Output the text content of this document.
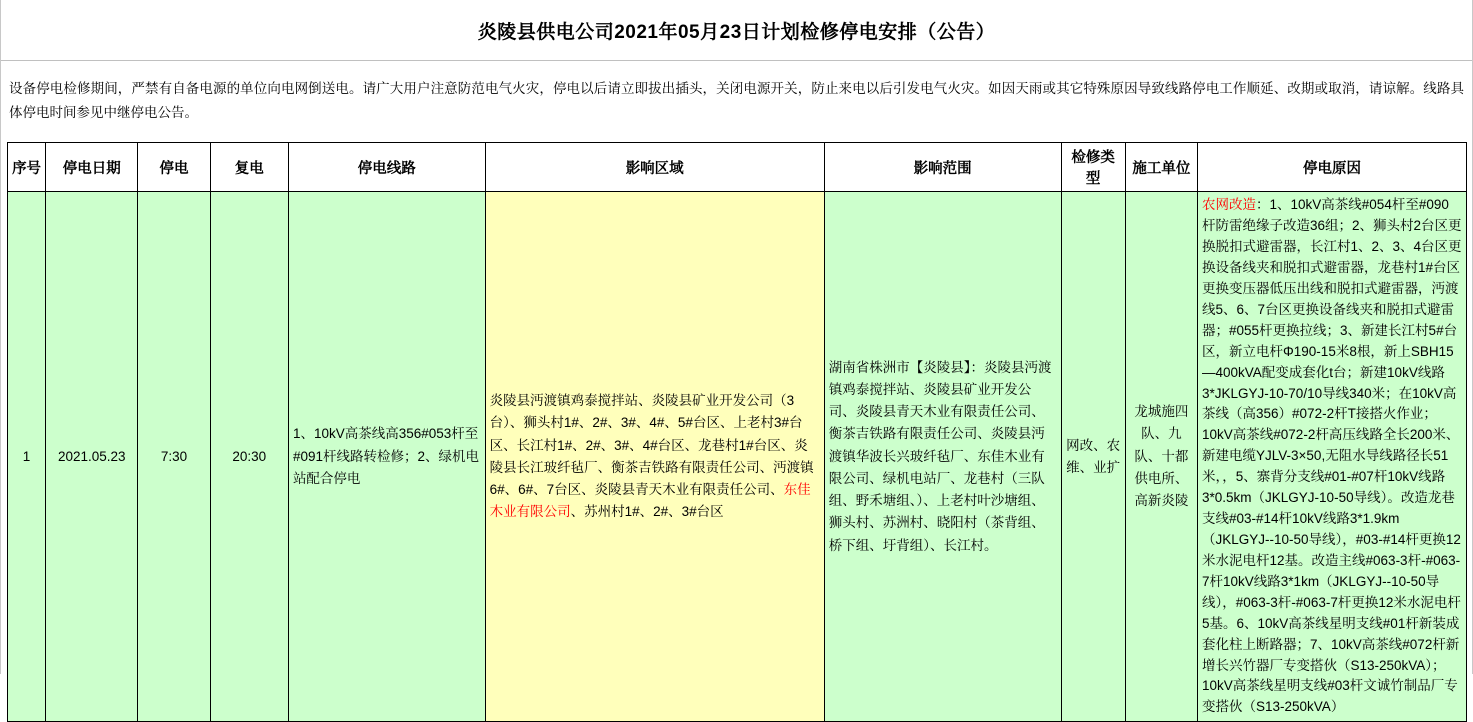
炎陵县供电公司2021年05月23日计划检修停电安排（公告）
设备停电检修期间，严禁有自备电源的单位向电网倒送电。请广大用户注意防范电气火灾，停电以后请立即拔出插头，关闭电源开关，防止来电以后引发电气火灾。如因天雨或其它特殊原因导致线路停电工作顺延、改期或取消，请谅解。线路具体停电时间参见中继停电公告。
序号	停电日期	停电	复电	停电线路	影响区域	影响范围	检修类型	施工单位	停电原因
1	2021.05.23	7:30	20:30	1、10kV高茶线高356#053杆至#091杆线路转检修；2、绿机电站配合停电	炎陵县沔渡镇鸡泰搅拌站、炎陵县矿业开发公司（3台）、狮头村1#、2#、3#、4#、5#台区、上老村3#台区、长江村1#、2#、3#、4#台区、龙巷村1#台区、炎陵县长江玻纤毡厂、衡茶吉铁路有限责任公司、沔渡镇6#、6#、7台区、炎陵县青天木业有限责任公司、东佳木业有限公司、苏州村1#、2#、3#台区	湖南省株洲市【炎陵县】：炎陵县沔渡镇鸡泰搅拌站、炎陵县矿业开发公司、炎陵县青天木业有限责任公司、衡茶吉铁路有限责任公司、炎陵县沔渡镇华波长兴玻纤毡厂、东佳木业有限公司、绿机电站厂、龙巷村（三队组、野禾塘组、）、上老村叶沙塘组、狮头村、苏洲村、晓阳村（茶背组、桥下组、圩背组）、长江村。	网改、农维、业扩	龙城施四队、九队、十都供电所、高新炎陵	农网改造：1、10kV高茶线#054杆至#090杆防雷绝缘子改造36组；2、狮头村2台区更换脱扣式避雷器，长江村1、2、3、4台区更换设备线夹和脱扣式避雷器，龙巷村1#台区更换变压器低压出线和脱扣式避雷器，沔渡线5、6、7台区更换设备线夹和脱扣式避雷器；#055杆更换拉线；3、新建长江村5#台区，新立电杆Φ190-15米8根，新上SBH15—400kVA配变成套化t台；新建10kV线路3*JKLGYJ-10-70/10导线340米；在10kV高茶线（高356）#072-2杆T接搭火作业；10kV高茶线#072-2杆高压线路全长200米、新建电缆YJLV-3×50,无阻水导线路径长51米，，5、寨背分支线#01-#07杆10kV线路3*0.5km（JKLGYJ-10-50导线）。改造龙巷支线#03-#14杆10kV线路3*1.9km（JKLGYJ--10-50导线），#03-#14杆更换12米水泥电杆12基。改造主线#063-3杆-#063-7杆10kV线路3*1km（JKLGYJ--10-50导线），#063-3杆-#063-7杆更换12米水泥电杆5基。6、10kV高茶线星明支线#01杆新装成套化柱上断路器；7、10kV高茶线#072杆新增长兴竹器厂专变搭伙（S13-250kVA）；10kV高茶线星明支线#03杆文诚竹制品厂专变搭伙（S13-250kVA）
